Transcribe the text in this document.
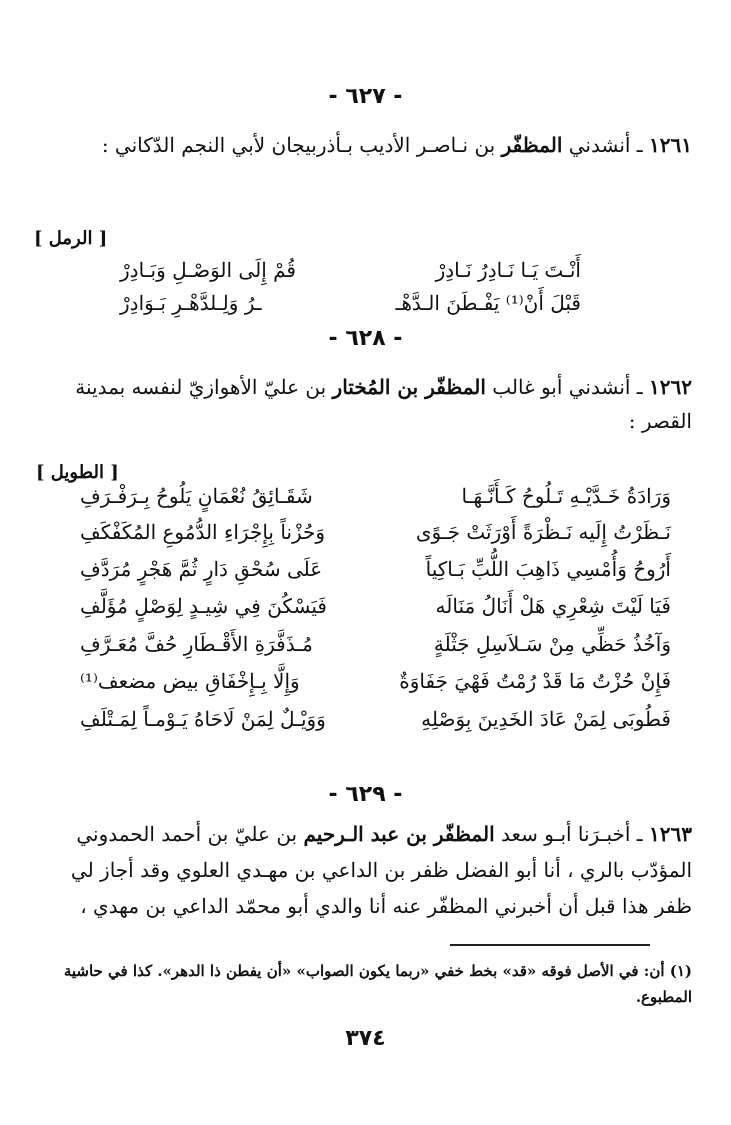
- ٦٢٧ -
١٢٦١ ـ أنشدني المظفّر بن نـاصـر الأديب بـأذربيجان لأبي النجم الدّكاني :
[ الرمل ]
أَنْـتَ يَـا نَـادِرُ نَـادِرْ
قُمْ إِلَى الوَصْـلِ وَبَـادِرْ
قَبْلَ أَنْ⁽¹⁾ يَفْـطَنَ الـدَّهْـ
ـرُ وَلِـلدَّهْـرِ بَـوَادِرْ
- ٦٢٨ -
١٢٦٢ ـ أنشدني أبو غالب المظفّر بن المُختار بن عليّ الأهوازيّ لنفسه بمدينة القصر :
[ الطويل ]
وَرَادَةُ خَـدَّيْـهِ تَـلُوحُ كَـأَنَّـهَـا
شَقَـائِقُ نُعْمَانٍ يَلُوحُ بِـرَفْـرَفِ
نَـظَرْتُ إِلَيه نَـظْرَةً أَوْرَثَتْ جَـوًى
وَحُزْناً بِإِجْرَاءِ الدُّمُوعِ المُكَفْكَفِ
أَرُوحُ وَأُمْسِي ذَاهِبَ اللُّبِّ بَـاكِياً
عَلَى سُحْقِ دَارٍ ثُمَّ هَجْرٍ مُرَدَّفِ
فَيَا لَيْتَ شِعْرِي هَلْ أَنَالُ مَنَالَه
فَيَسْكُنَ فِي شِيـدٍ لِوَصْلٍ مُؤَلَّفِ
وَآخُذُ حَظِّي مِنْ سَـلاَسِلِ جَثْلَةٍ
مُـذَفَّرَةِ الأَقْـطَارِ حُفَّ مُعَـرَّفِ
فَإِنْ حُزْتُ مَا قَدْ رُمْتُ فَهْيَ جَفَاوَةٌ
وَإِلَّا بِـإِخْفَاقِ بيض مضعف⁽¹⁾
فَطُوبَى لِمَنْ عَادَ الخَدِينَ بِوَصْلِهِ
وَوَيْـلٌ لِمَنْ لَاحَاهُ يَـوْمـاً لِمَـتْلَفِ
- ٦٢٩ -
١٢٦٣ ـ أخبـرَنا أبـو سعد المظفّر بن عبد الـرحيم بن عليّ بن أحمد الحمدوني المؤدّب بالري ، أنا أبو الفضل ظفر بن الداعي بن مهـدي العلوي وقد أجاز لي ظفر هذا قبل أن أخبرني المظفّر عنه أنا والدي أبو محمّد الداعي بن مهدي ،
(١) أن: في الأصل فوقه «قد» بخط خفي «ربما يكون الصواب» «أن يفطن ذا الدهر». كذا في حاشية المطبوع.
٣٧٤
